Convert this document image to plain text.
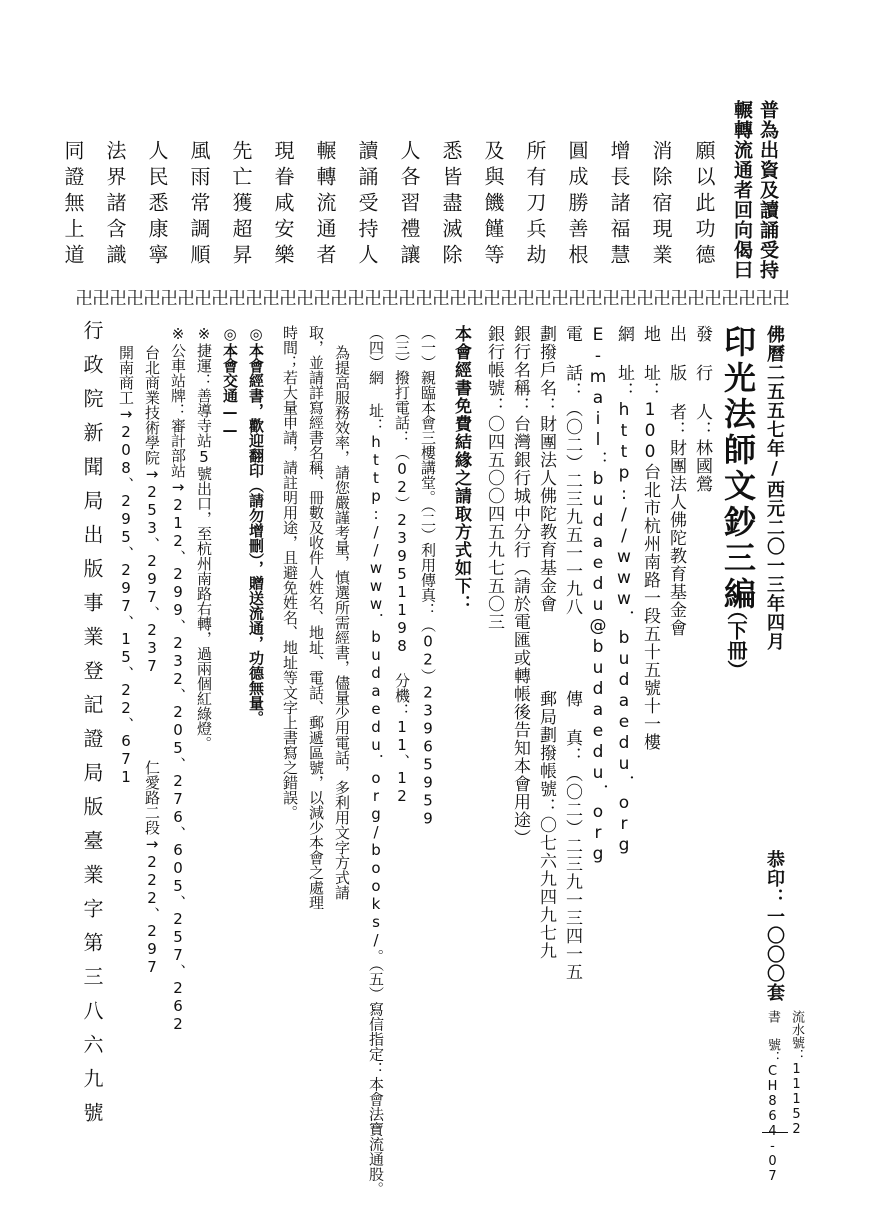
普為出資及讀誦受持
輾轉流通者回向偈曰
願以此功德
消除宿現業
增長諸福慧
圓成勝善根
所有刀兵劫
及與饑饉等
悉皆盡滅除
人各習禮讓
讀誦受持人
輾轉流通者
現眷咸安樂
先亡獲超昇
風雨常調順
人民悉康寧
法界諸含識
同證無上道
卍卍卍卍卍卍卍卍卍卍卍卍卍卍卍卍卍卍卍卍卍卍卍卍卍卍卍卍卍卍卍卍卍卍卍卍卍卍卍卍卍卍
佛曆二五五七年/西元二〇一三年四月
恭印：一〇〇〇套
流水號：11152
書 號：CH864-07
印光法師文鈔三編
（下冊）
發 行 人：林國鶯
出 版 者：財團法人佛陀教育基金會
地 址：100台北市杭州南路一段五十五號十一樓
網 址：http://www．budaedu．org
E-mail：budaedu@budaedu．org
電 話：（〇二）二三九五一一九八
傳 真：（〇二）二三九一三四一五
劃撥戶名：財團法人佛陀教育基金會
郵局劃撥帳號：〇七六九四九七九
銀行名稱：台灣銀行城中分行（請於電匯或轉帳後告知本會用途）
銀行帳號：〇四五〇〇四五九七五〇三
本會經書免費結緣之請取方式如下：
（一）親臨本會三樓講堂。（二）利用傳真：（02）23965959
（三）撥打電話：（02）23951198 分機：11、12
（四）網 址：http://www．budaedu．org/books/。（五）寫信指定：本會法寶流通股。
為提高服務效率，請您嚴謹考量，慎選所需經書，儘量少用電話，多利用文字方式請
取，並請詳寫經書名稱、冊數及收件人姓名、地址、電話、郵遞區號，以減少本會之處理
時間；若大量申請，請註明用途，且避免姓名、地址等文字上書寫之錯誤。
◎本會經書，歡迎翻印（請勿增刪），贈送流通，功德無量。
◎本會交通——
※捷運：善導寺站5號出口，至杭州南路右轉，過兩個紅綠燈。
※公車站牌：審計部站→212、299、232、205、276、605、257、262
台北商業技術學院→253、297、237
仁愛路二段→222、297
開南商工→208、295、297、15、22、671
行政院新聞局出版事業登記證局版臺業字第三八六九號
